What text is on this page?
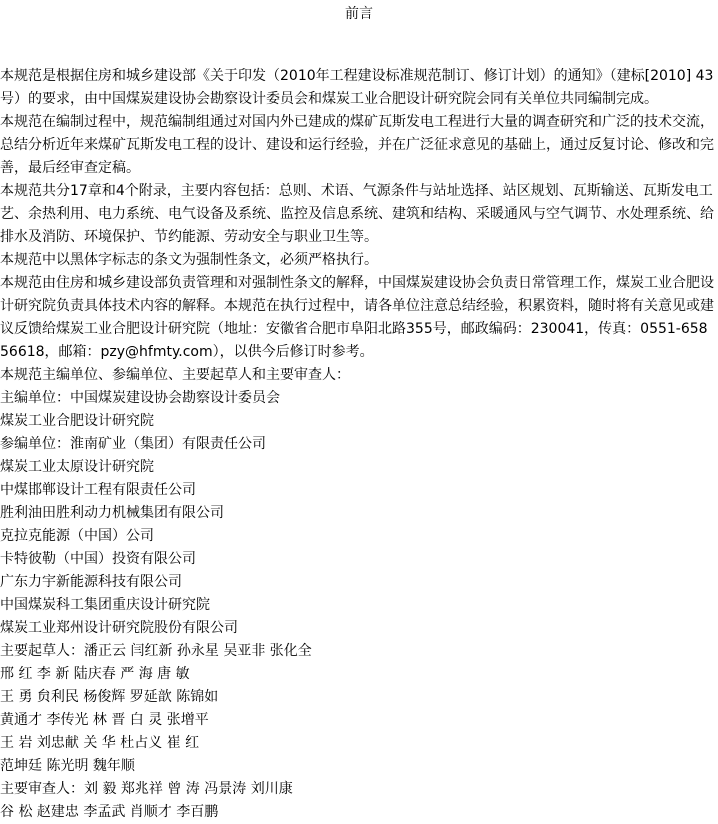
前言

本规范是根据住房和城乡建设部《关于印发（2010年工程建设标准规范制订、修订计划）的通知》（建标[2010] 43号）的要求，由中国煤炭建设协会勘察设计委员会和煤炭工业合肥设计研究院会同有关单位共同编制完成。

本规范在编制过程中，规范编制组通过对国内外已建成的煤矿瓦斯发电工程进行大量的调查研究和广泛的技术交流，总结分析近年来煤矿瓦斯发电工程的设计、建设和运行经验，并在广泛征求意见的基础上，通过反复讨论、修改和完善，最后经审查定稿。

本规范共分17章和4个附录，主要内容包括：总则、术语、气源条件与站址选择、站区规划、瓦斯输送、瓦斯发电工艺、余热利用、电力系统、电气设备及系统、监控及信息系统、建筑和结构、采暖通风与空气调节、水处理系统、给排水及消防、环境保护、节约能源、劳动安全与职业卫生等。

本规范中以黑体字标志的条文为强制性条文，必须严格执行。

本规范由住房和城乡建设部负责管理和对强制性条文的解释，中国煤炭建设协会负责日常管理工作，煤炭工业合肥设计研究院负责具体技术内容的解释。本规范在执行过程中，请各单位注意总结经验，积累资料，随时将有关意见或建议反馈给煤炭工业合肥设计研究院（地址：安徽省合肥市阜阳北路355号，邮政编码：230041，传真：0551-65856618，邮箱：pzy@hfmty.com），以供今后修订时参考。

本规范主编单位、参编单位、主要起草人和主要审查人：

主编单位：中国煤炭建设协会勘察设计委员会

煤炭工业合肥设计研究院

参编单位：淮南矿业（集团）有限责任公司

煤炭工业太原设计研究院

中煤邯郸设计工程有限责任公司

胜利油田胜利动力机械集团有限公司

克拉克能源（中国）公司

卡特彼勒（中国）投资有限公司

广东力宇新能源科技有限公司

中国煤炭科工集团重庆设计研究院

煤炭工业郑州设计研究院股份有限公司

主要起草人：潘正云 闫红新 孙永星 吴亚非 张化全

邢 红 李 新 陆庆春 严 海 唐 敏

王 勇 贠利民 杨俊辉 罗延歆 陈锦如

黄通才 李传光 林 晋 白 灵 张增平

王 岩 刘忠献 关 华 杜占义 崔 红

范坤廷 陈光明 魏年顺

主要审查人：刘 毅 郑兆祥 曾 涛 冯景涛 刘川康

谷 松 赵建忠 李孟武 肖顺才 李百鹏
